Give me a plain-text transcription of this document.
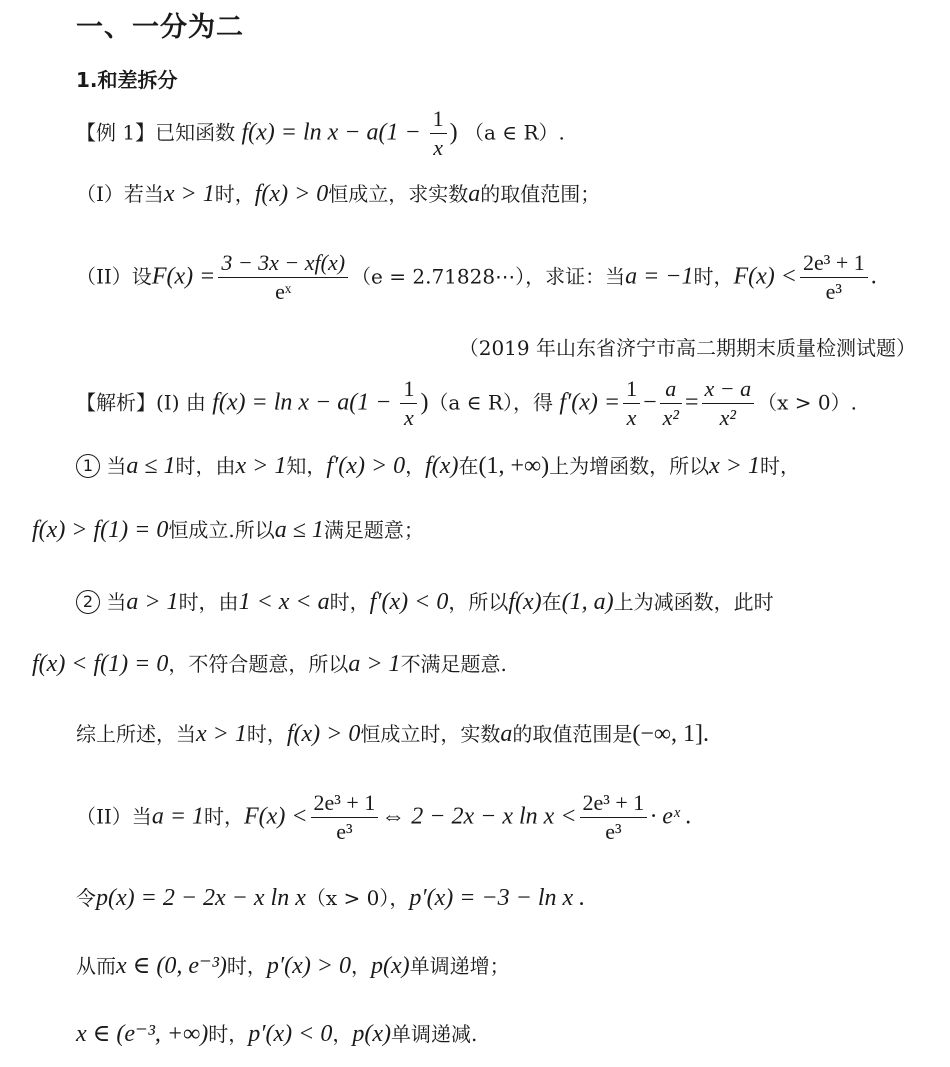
一、一分为二
1.和差拆分
【例 1】已知函数 $f(x) = \ln x - a(1 - \frac{1}{x}$ ) （a ∈ R）.
（I）若当x > 1时，f(x) > 0恒成立，求实数a的取值范围；
（II）设$F(x) = \frac{3 - 3x - xf(x)}{\text{eˣ}} (e$ = 2.71828⋯），求证：当a = −1时，$F(x) < \frac{\text{2e³ + 1}}{\text{e³}}$ .
（2019 年山东省济宁市高二期期末质量检测试题）
【解析】(I) 由 $f(x) = \ln x - a(1 - \frac{1}{x} )(a$ ∈ R），得 $f'(x) = \frac{1}{x} - \frac{a}{\text{x²}} = \frac{x - a}{\text{x²}} (x > 0)$.
1 当a ≤ 1时，由x > 1知，f′(x) > 0，f(x)在(1, +∞)上为增函数，所以x > 1时，
f(x) > f(1) = 0恒成立.所以a ≤ 1满足题意；
2 当a > 1时，由1 < x < a时，f′(x) < 0，所以f(x)在(1, a)上为减函数，此时
f(x) < f(1) = 0，不符合题意，所以a > 1不满足题意.
综上所述，当x > 1时，f(x) > 0恒成立时，实数a的取值范围是(−∞, 1].
（II）当a = 1时，$F(x) < \frac{\text{2e³ + 1}}{\text{e³}}$ ⇔ 2 − 2x − x $\ln x < \frac{\text{2e³ + 1}}{\text{e³}}$ · eˣ .
令p(x) = 2 − 2x − x ln x（x > 0），p′(x) = −3 − ln x .
从而x ∈ (0, e⁻³)时，p′(x) > 0，p(x)单调递增；
x ∈ (e⁻³, +∞)时，p′(x) < 0，p(x)单调递减.
